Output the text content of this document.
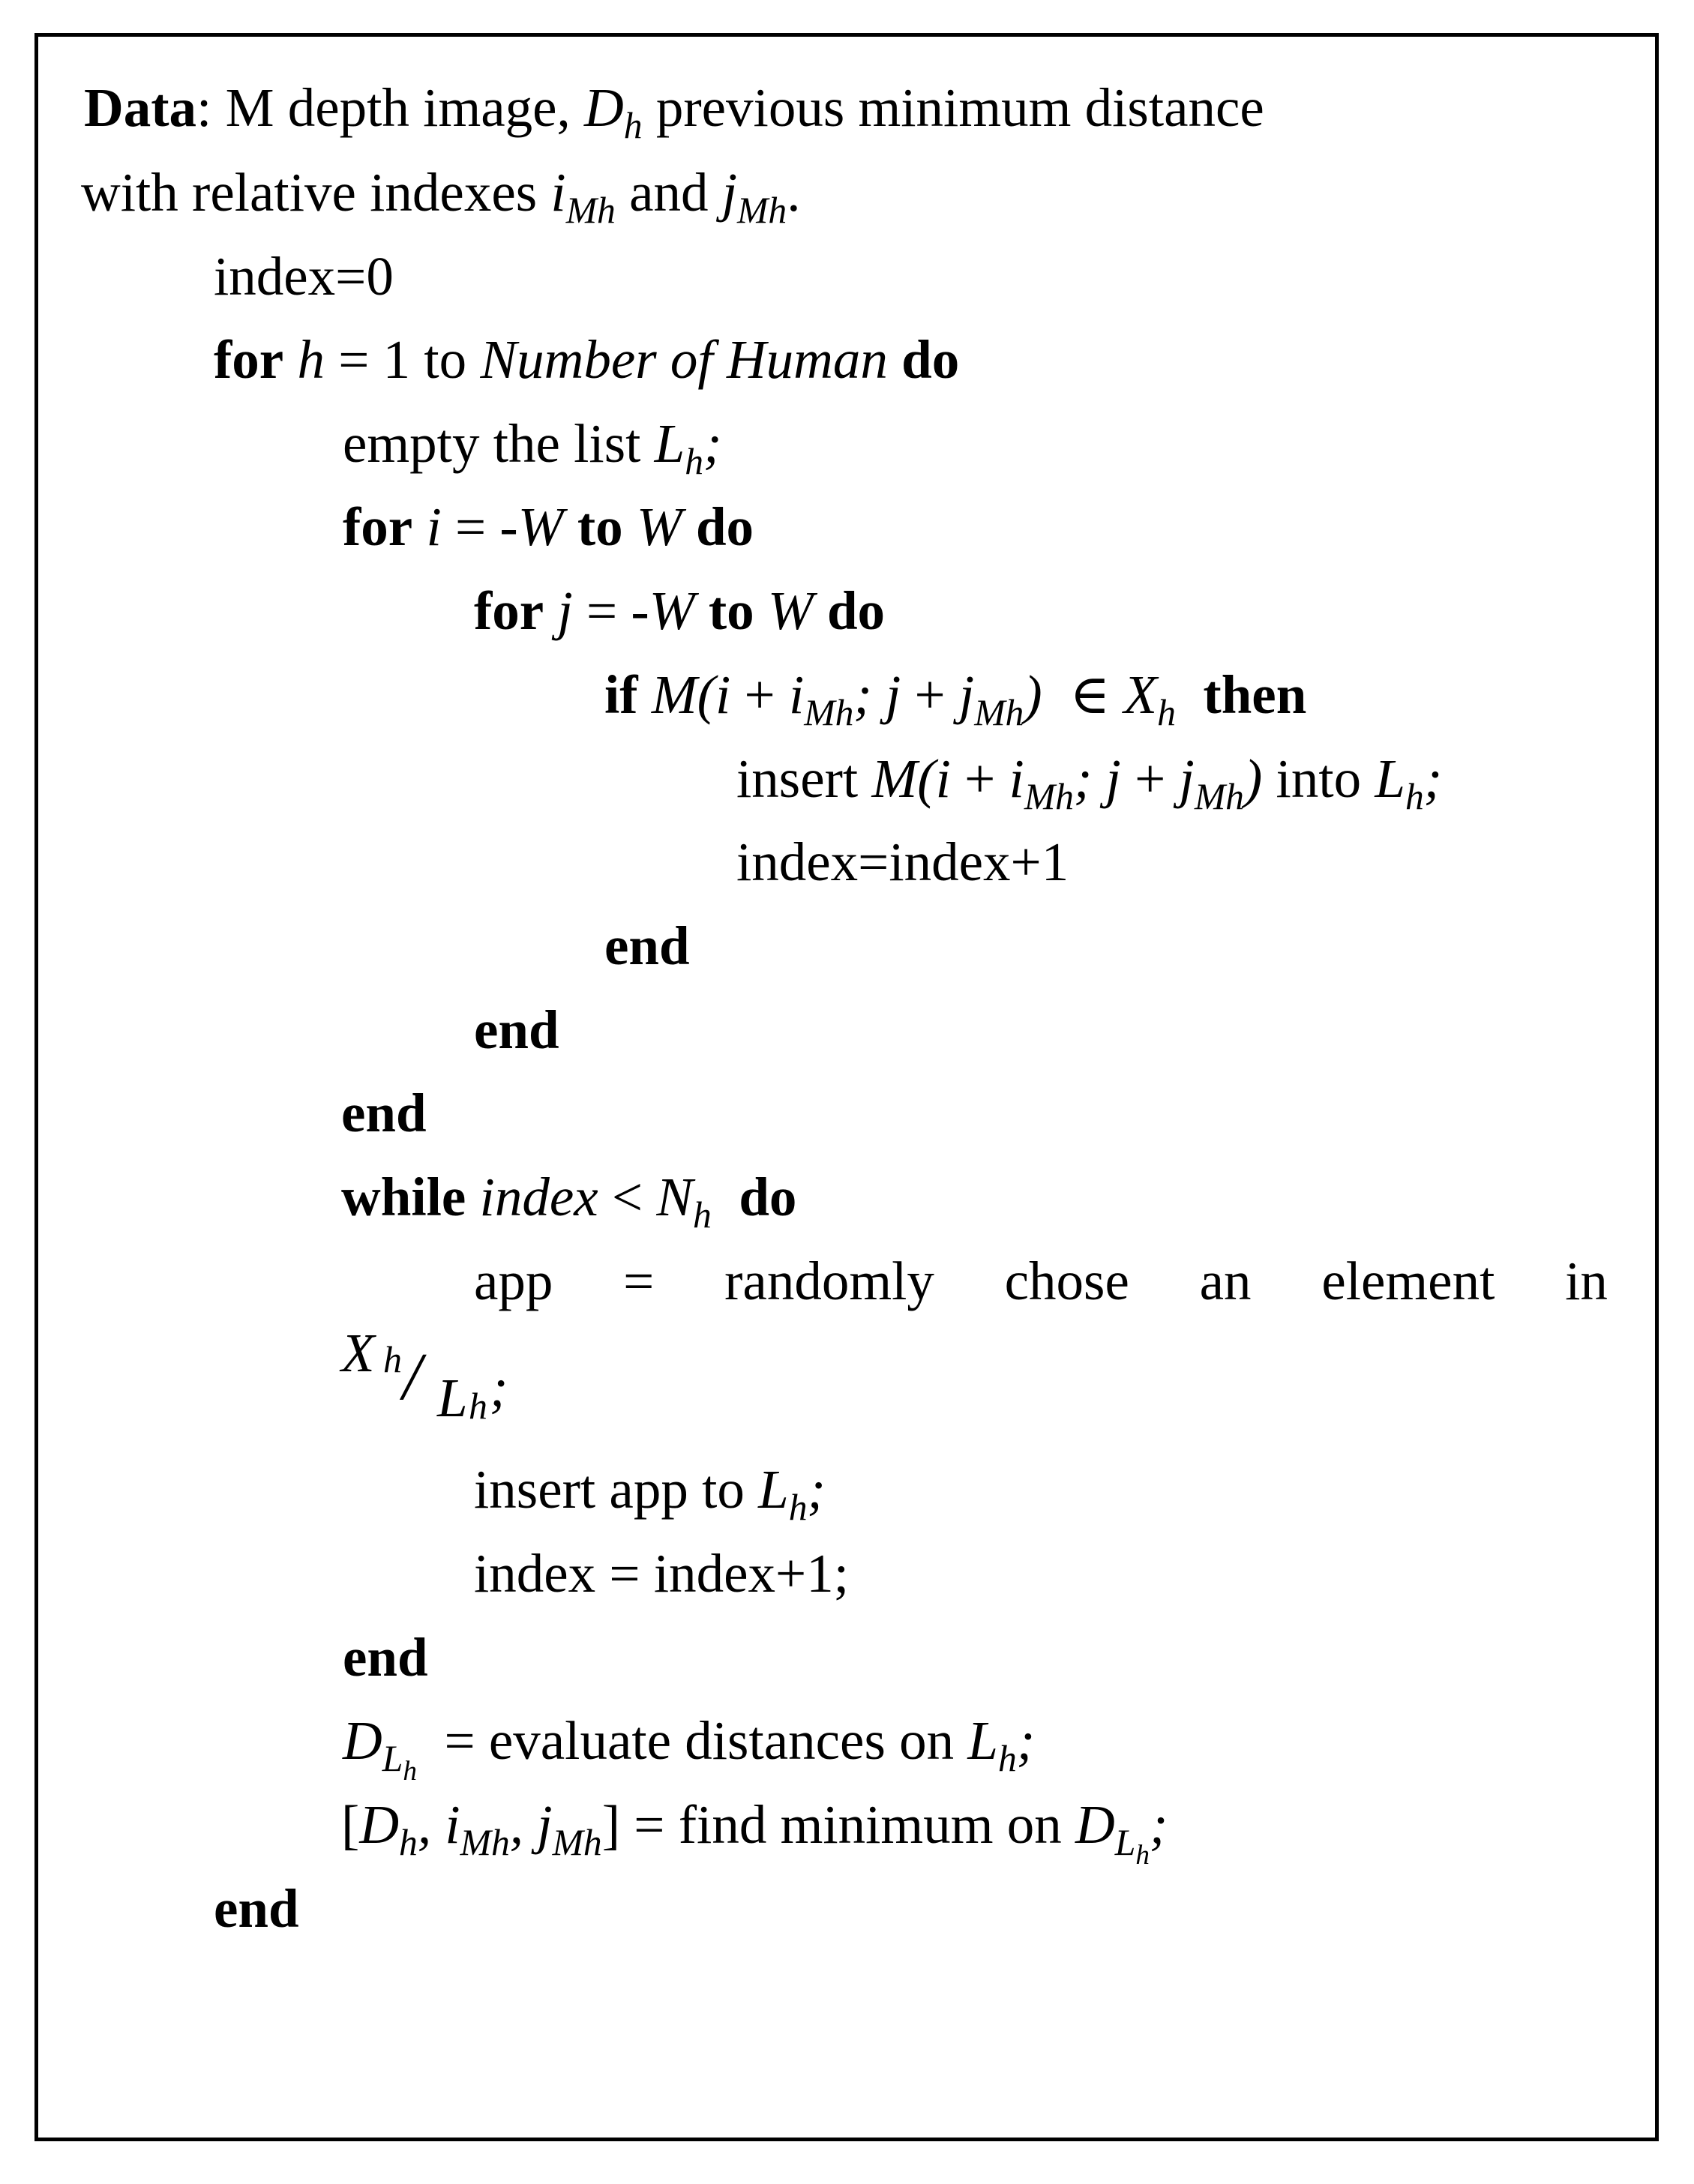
Data: M depth image, $D_h$ previous minimum distance
with relative indexes $i_{Mh}$ and $j_{Mh}$.
index=0
for h = 1 to Number of Human do
empty the list $L_h$;
for i = -W to W do
for j = -W to W do
if $M(i + i_{Mh}$; $j + j_{Mh}$) ∈ $X_h$ then
insert $M(i + i_{Mh}$; $j + j_{Mh}$) into $L_h$;
index=index+1
end
end
end
while index < $N_h$ do
app = randomly chose an element in
X h / L h ;
insert app to $L_h$;
index = index+1;
end
$D_{L_h}$  = evaluate distances on $L_h$;
[$D_h$, $i_{Mh}$, $j_{Mh}$] = find minimum on $D_{L_h}$;
end
